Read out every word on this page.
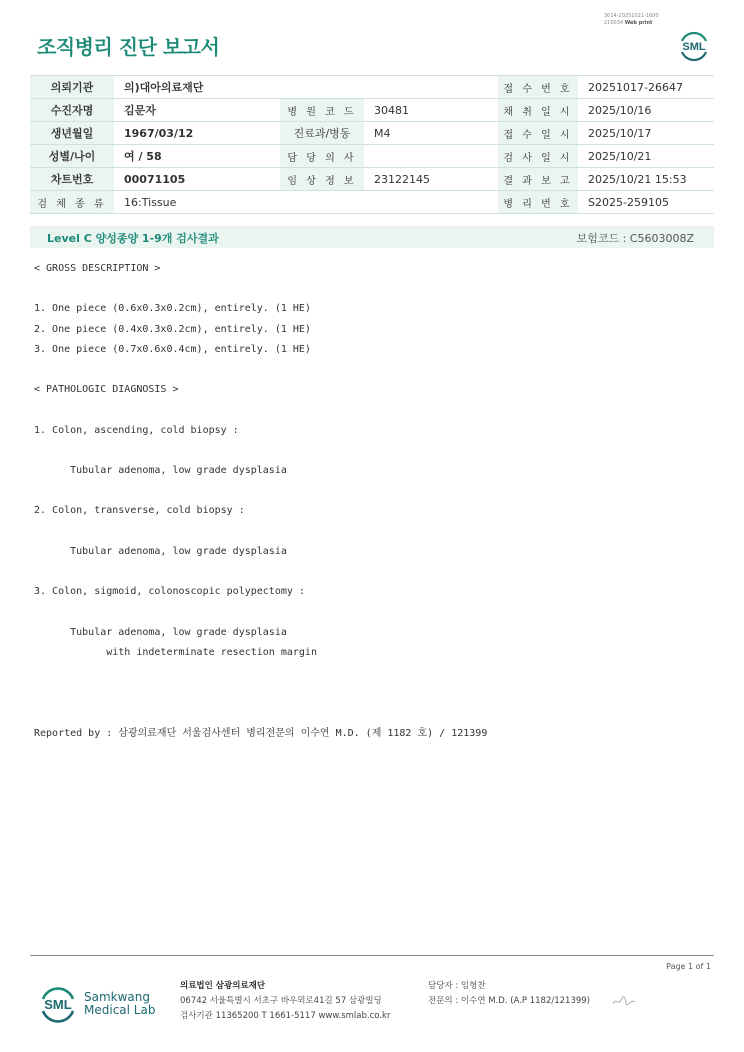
3014-20251021-1600
210034 Web print
조직병리 진단 보고서	SML
의뢰기관	의)대아의료재단			접 수 번 호	20251017-26647
수진자명	김문자	병 원 코 드	30481	채 취 일 시	2025/10/16
생년월일	1967/03/12	진료과/병동	M4	접 수 일 시	2025/10/17
성별/나이	여 / 58	담 당 의 사		검 사 일 시	2025/10/21
차트번호	00071105	임 상 정 보	23122145	결 과 보 고	2025/10/21 15:53
검 체 종 류	16:Tissue			병 리 번 호	S2025-259105
Level C 양성종양 1-9개 검사결과	보험코드 : C5603008Z
< GROSS DESCRIPTION >

1. One piece (0.6x0.3x0.2cm), entirely. (1 HE)
2. One piece (0.4x0.3x0.2cm), entirely. (1 HE)
3. One piece (0.7x0.6x0.4cm), entirely. (1 HE)

< PATHOLOGIC DIAGNOSIS >

1. Colon, ascending, cold biopsy :

Tubular adenoma, low grade dysplasia

2. Colon, transverse, cold biopsy :

Tubular adenoma, low grade dysplasia

3. Colon, sigmoid, colonoscopic polypectomy :

Tubular adenoma, low grade dysplasia
with indeterminate resection margin

Reported by : 삼광의료재단 서울검사센터 병리전문의 이수연 M.D. (제 1182 호) / 121399
Page 1 of 1
SML Samkwang
Medical Lab
의료법인 삼광의료재단
06742 서울특별시 서초구 바우뫼로41길 57 삼광빌딩
검사기관 11365200 T 1661-5117 www.smlab.co.kr
담당자 : 임형찬
전문의 : 이수연 M.D. (A.P 1182/121399)
